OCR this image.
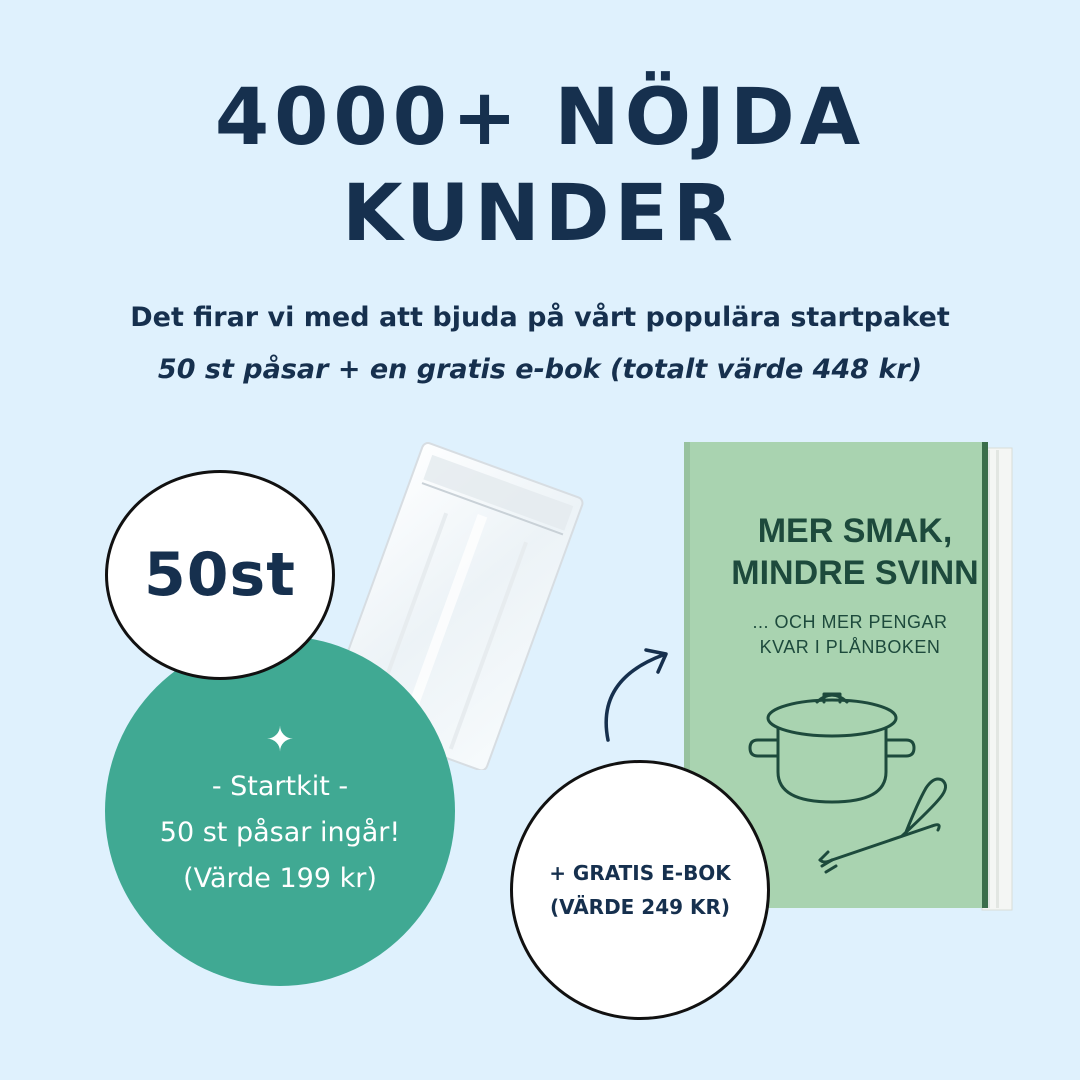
4000+ NÖJDA
KUNDER
Det firar vi med att bjuda på vårt populära startpaket
50 st påsar + en gratis e-bok (totalt värde 448 kr)
MER SMAK,
MINDRE SVINN
... OCH MER PENGAR
KVAR I PLÅNBOKEN
✦
- Startkit -
50 st påsar ingår!
(Värde 199 kr)
50st
+ GRATIS E-BOK
(VÄRDE 249 KR)
